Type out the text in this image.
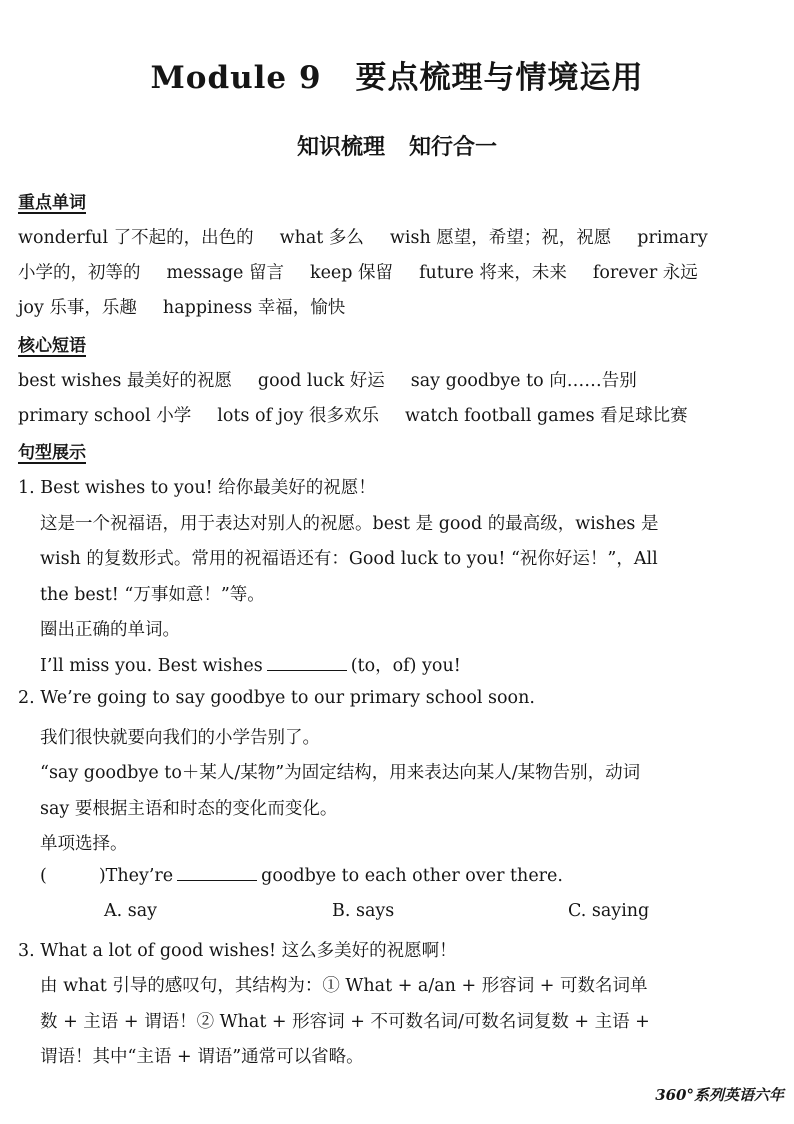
Module 9 要点梳理与情境运用
知识梳理 知行合一
重点单词
wonderful 了不起的，出色的 what 多么 wish 愿望，希望；祝，祝愿 primary
小学的，初等的 message 留言 keep 保留 future 将来，未来 forever 永远
joy 乐事，乐趣 happiness 幸福，愉快
核心短语
best wishes 最美好的祝愿 good luck 好运 say goodbye to 向……告别
primary school 小学 lots of joy 很多欢乐 watch football games 看足球比赛
句型展示
1. Best wishes to you! 给你最美好的祝愿！
这是一个祝福语，用于表达对别人的祝愿。best 是 good 的最高级，wishes 是
wish 的复数形式。常用的祝福语还有：Good luck to you! “祝你好运！”，All
the best! “万事如意！”等。
圈出正确的单词。
I’ll miss you. Best wishes	(to，of) you!
2. We’re going to say goodbye to our primary school soon.
我们很快就要向我们的小学告别了。
“say goodbye to＋某人/某物”为固定结构，用来表达向某人/某物告别，动词
say 要根据主语和时态的变化而变化。
单项选择。
(	)They’re	goodbye to each other over there.
A. say	B. says	C. saying
3. What a lot of good wishes! 这么多美好的祝愿啊！
由 what 引导的感叹句，其结构为：① What + a/an + 形容词 + 可数名词单
数 + 主语 + 谓语！② What + 形容词 + 不可数名词/可数名词复数 + 主语 +
谓语！其中“主语 + 谓语”通常可以省略。
360°系列英语六年
